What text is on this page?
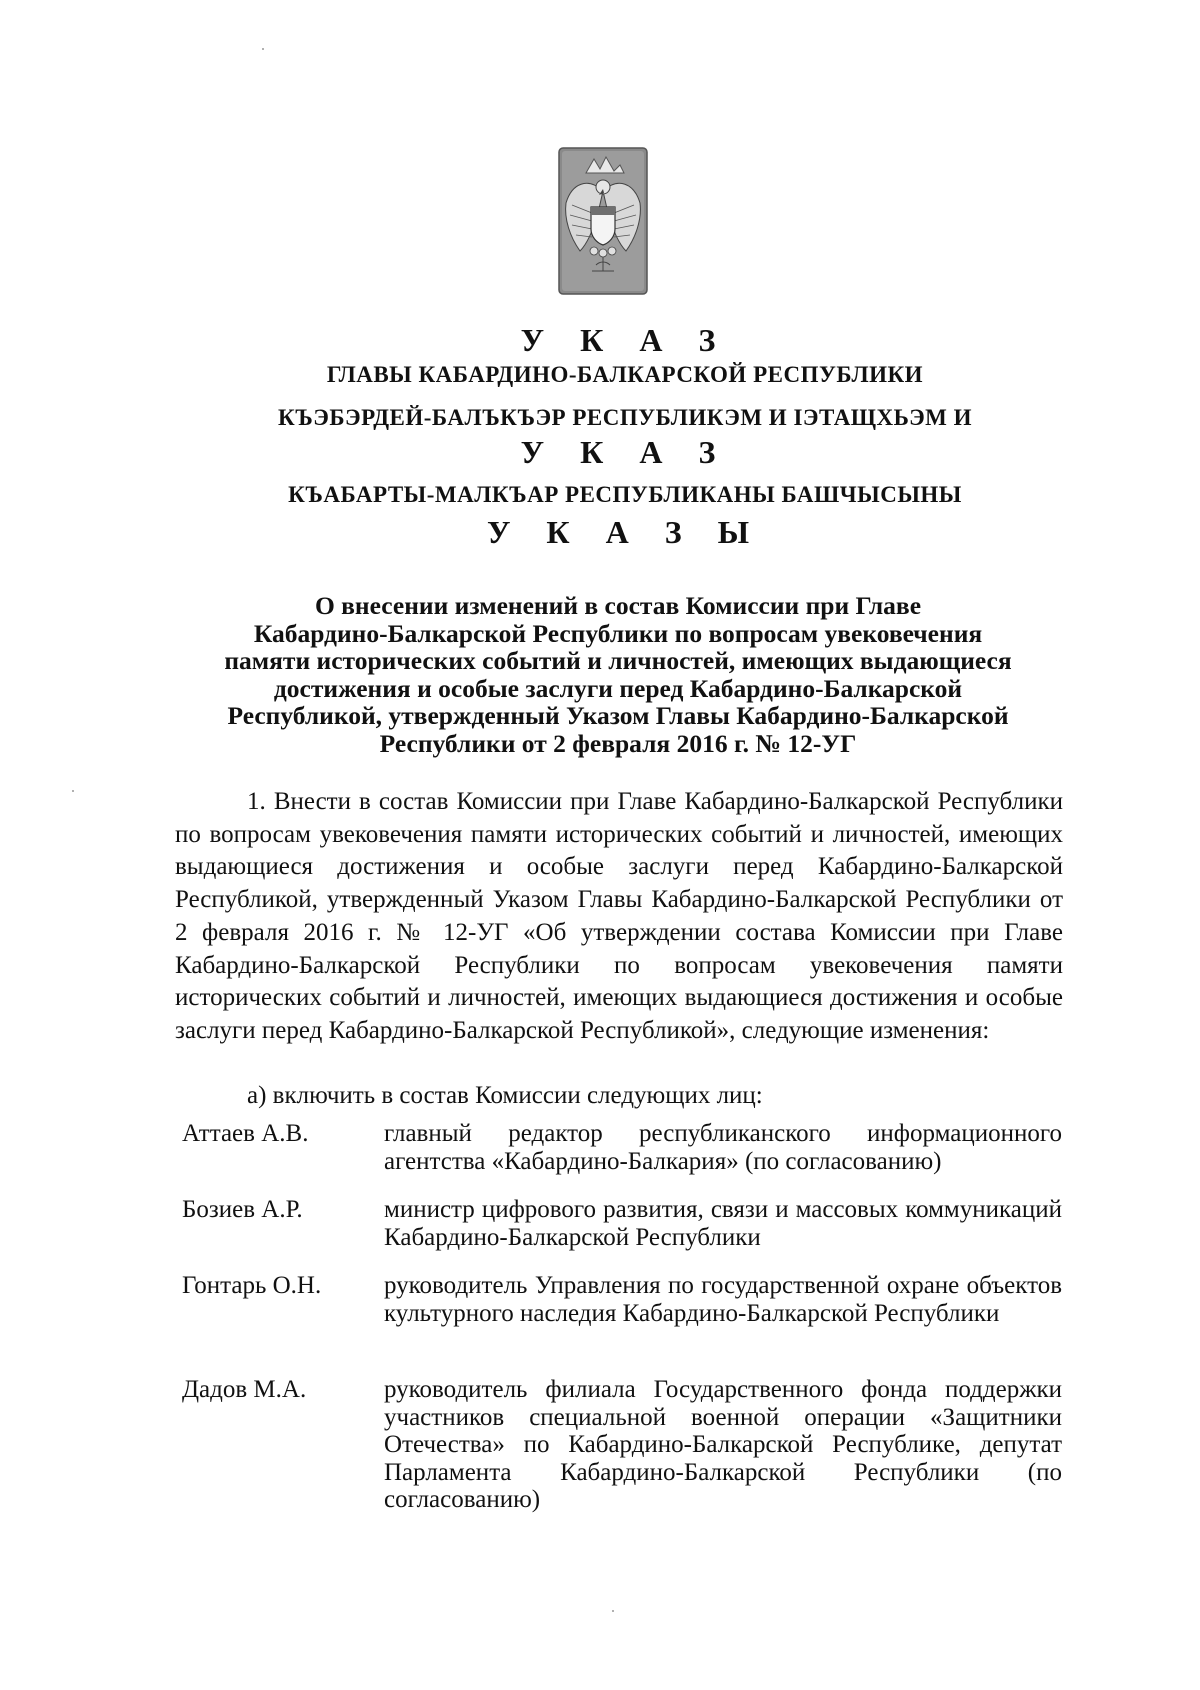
У К А З
ГЛАВЫ КАБАРДИНО-БАЛКАРСКОЙ РЕСПУБЛИКИ
КЪЭБЭРДЕЙ-БАЛЪКЪЭР РЕСПУБЛИКЭМ И ІЭТАЩХЬЭМ И
У К А З
КЪАБАРТЫ-МАЛКЪАР РЕСПУБЛИКАНЫ БАШЧЫСЫНЫ
У К А З Ы
О внесении изменений в состав Комиссии при Главе
Кабардино-Балкарской Республики по вопросам увековечения
памяти исторических событий и личностей, имеющих выдающиеся
достижения и особые заслуги перед Кабардино-Балкарской
Республикой, утвержденный Указом Главы Кабардино-Балкарской
Республики от 2 февраля 2016 г. № 12-УГ

1. Внести в состав Комиссии при Главе Кабардино-Балкарской Республики по вопросам увековечения памяти исторических событий и личностей, имеющих выдающиеся достижения и особые заслуги перед Кабардино-Балкарской Республикой, утвержденный Указом Главы Кабардино-Балкарской Республики от 2 февраля 2016 г. № 12-УГ «Об утверждении состава Комиссии при Главе Кабардино-Балкарской Республики по вопросам увековечения памяти исторических событий и личностей, имеющих выдающиеся достижения и особые заслуги перед Кабардино-Балкарской Республикой», следующие изменения:

а) включить в состав Комиссии следующих лиц:
Аттаев А.В.	главный редактор республиканского информационного агентства «Кабардино-Балкария» (по согласованию)
Бозиев А.Р.	министр цифрового развития, связи и массовых коммуникаций Кабардино-Балкарской Республики
Гонтарь О.Н.	руководитель Управления по государственной охране объектов культурного наследия Кабардино-Балкарской Республики
Дадов М.А.	руководитель филиала Государственного фонда поддержки участников специальной военной операции «Защитники Отечества» по Кабардино-Балкарской Республике, депутат Парламента Кабардино-Балкарской Республики (по согласованию)
